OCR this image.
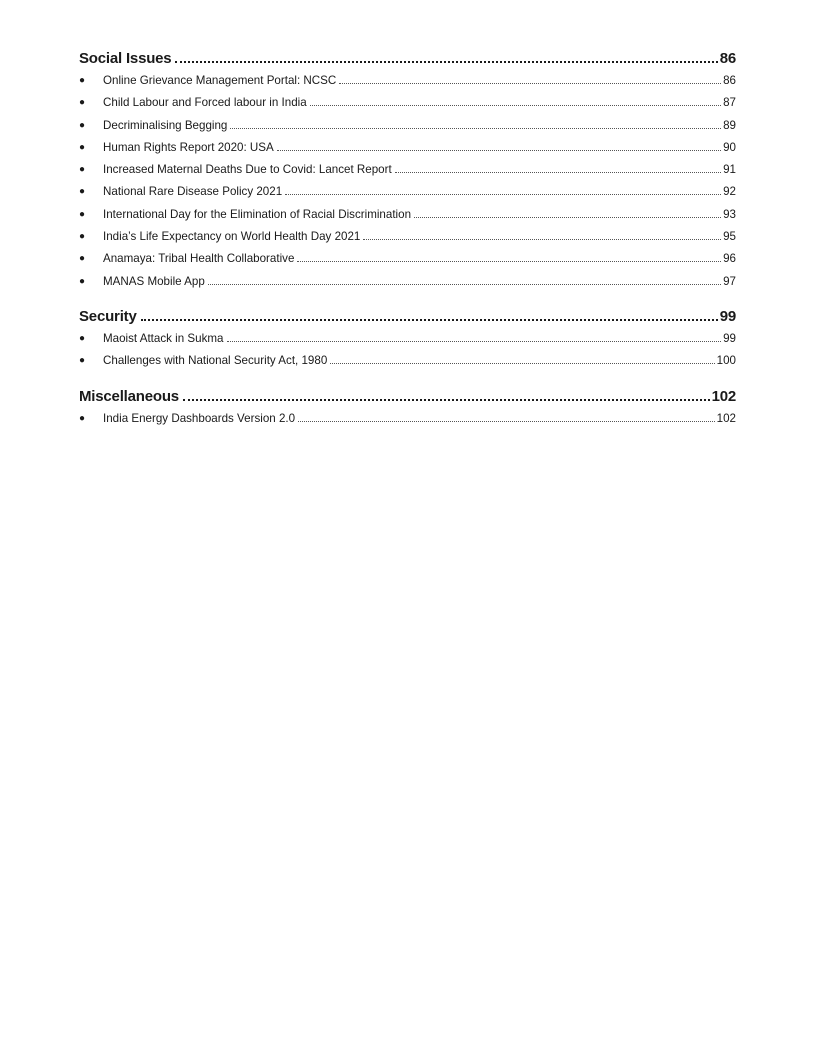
Social Issues	86
●	Online Grievance Management Portal: NCSC	86
●	Child Labour and Forced labour in India	87
●	Decriminalising Begging	89
●	Human Rights Report 2020: USA	90
●	Increased Maternal Deaths Due to Covid: Lancet Report	91
●	National Rare Disease Policy 2021	92
●	International Day for the Elimination of Racial Discrimination	93
●	India’s Life Expectancy on World Health Day 2021	95
●	Anamaya: Tribal Health Collaborative	96
●	MANAS Mobile App	97
Security	99
●	Maoist Attack in Sukma	99
●	Challenges with National Security Act, 1980	100
Miscellaneous	102
●	India Energy Dashboards Version 2.0	102
